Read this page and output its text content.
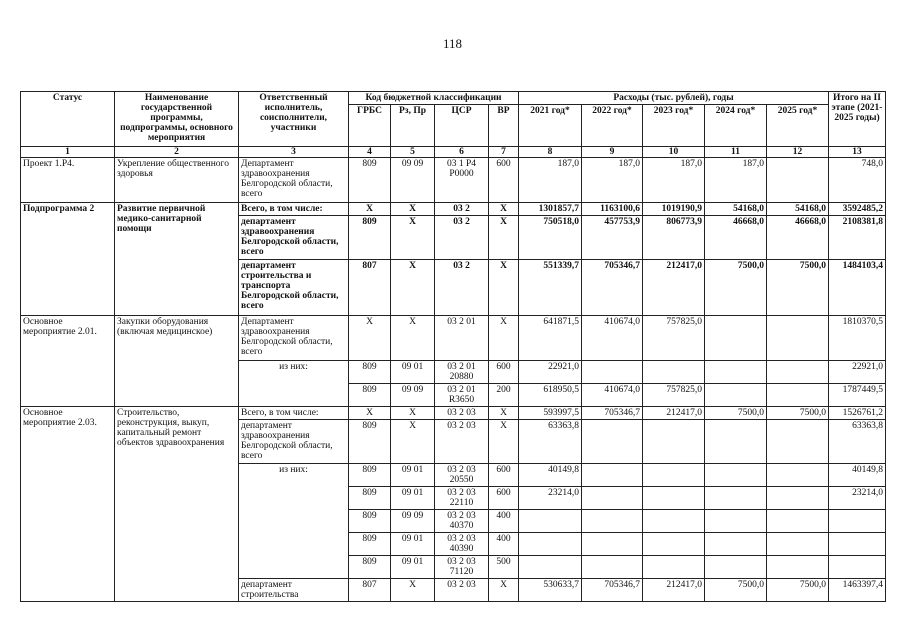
118
Статус	Наименование государственной программы, подпрограммы, основного мероприятия	Ответственный исполнитель, соисполнители, участники	Код бюджетной классификации				Расходы (тыс. рублей), годы					Итого на II этапе (2021-2025 годы)
			ГРБС	Рз, Пр	ЦСР	ВР	2021 год*	2022 год*	2023 год*	2024 год*	2025 год*	
1	2	3	4	5	6	7	8	9	10	11	12	13
Проект 1.Р4.	Укрепление общественного здоровья	Департамент здравоохранения Белгородской области, всего	809	09 09	03 1 Р4 Р0000	600	187,0	187,0	187,0	187,0		748,0
Подпрограмма 2	Развитие первичной медико-санитарной помощи	Всего, в том числе:	Х	Х	03 2	Х	1301857,7	1163100,6	1019190,9	54168,0	54168,0	3592485,2
		департамент здравоохранения Белгородской области, всего	809	Х	03 2	Х	750518,0	457753,9	806773,9	46668,0	46668,0	2108381,8
		департамент строительства и транспорта Белгородской области, всего	807	Х	03 2	Х	551339,7	705346,7	212417,0	7500,0	7500,0	1484103,4
Основное мероприятие 2.01.	Закупки оборудования (включая медицинское)	Департамент здравоохранения Белгородской области, всего	Х	Х	03 2 01	Х	641871,5	410674,0	757825,0			1810370,5
		из них:	809	09 01	03 2 01 20880	600	22921,0					22921,0
			809	09 09	03 2 01 R3650	200	618950,5	410674,0	757825,0			1787449,5
Основное мероприятие 2.03.	Строительство, реконструкция, выкуп, капитальный ремонт объектов здравоохранения	Всего, в том числе:	Х	Х	03 2 03	Х	593997,5	705346,7	212417,0	7500,0	7500,0	1526761,2
		департамент здравоохранения Белгородской области, всего	809	Х	03 2 03	Х	63363,8					63363,8
		из них:	809	09 01	03 2 03 20550	600	40149,8					40149,8
			809	09 01	03 2 03 22110	600	23214,0					23214,0
			809	09 09	03 2 03 40370	400						
			809	09 01	03 2 03 40390	400						
			809	09 01	03 2 03 71120	500						
		департамент строительства	807	Х	03 2 03	Х	530633,7	705346,7	212417,0	7500,0	7500,0	1463397,4
